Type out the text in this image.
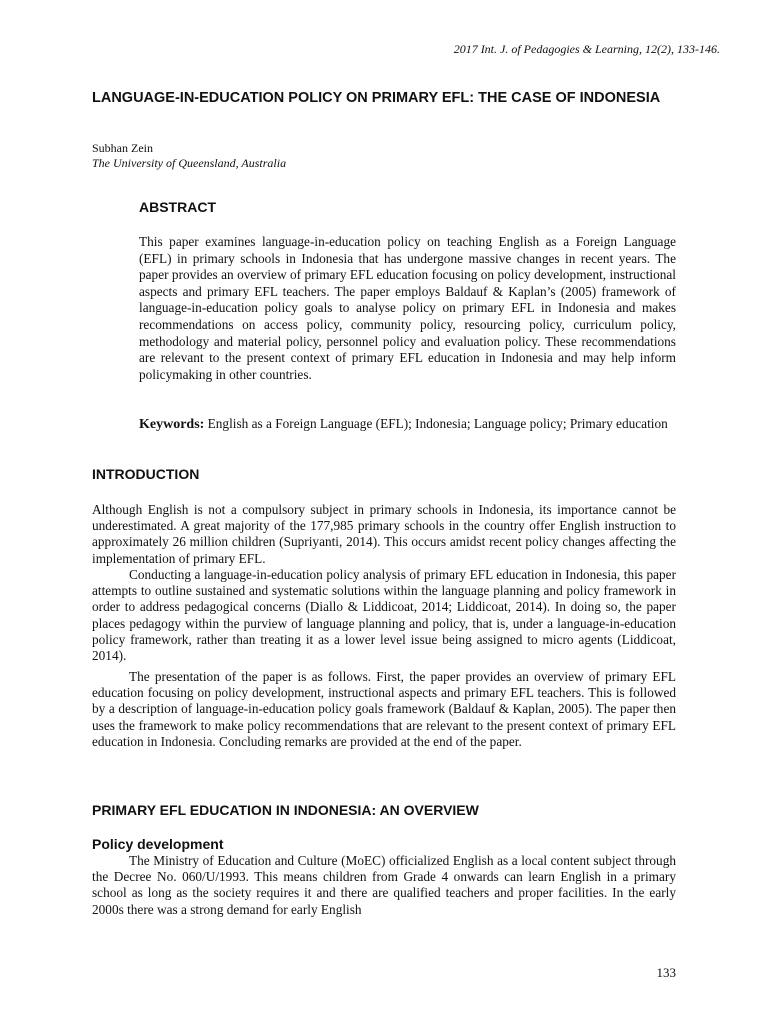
2017 Int. J. of Pedagogies & Learning, 12(2), 133-146.
LANGUAGE-IN-EDUCATION POLICY ON PRIMARY EFL: THE CASE OF INDONESIA
Subhan Zein
The University of Queensland, Australia
ABSTRACT

This paper examines language-in-education policy on teaching English as a Foreign Language (EFL) in primary schools in Indonesia that has undergone massive changes in recent years. The paper provides an overview of primary EFL education focusing on policy development, instructional aspects and primary EFL teachers. The paper employs Baldauf & Kaplan’s (2005) framework of language-in-education policy goals to analyse policy on primary EFL in Indonesia and makes recommendations on access policy, community policy, resourcing policy, curriculum policy, methodology and material policy, personnel policy and evaluation policy. These recommendations are relevant to the present context of primary EFL education in Indonesia and may help inform policymaking in other countries.

Keywords: English as a Foreign Language (EFL); Indonesia; Language policy; Primary education

INTRODUCTION

Although English is not a compulsory subject in primary schools in Indonesia, its importance cannot be underestimated. A great majority of the 177,985 primary schools in the country offer English instruction to approximately 26 million children (Supriyanti, 2014). This occurs amidst recent policy changes affecting the implementation of primary EFL.

Conducting a language-in-education policy analysis of primary EFL education in Indonesia, this paper attempts to outline sustained and systematic solutions within the language planning and policy framework in order to address pedagogical concerns (Diallo & Liddicoat, 2014; Liddicoat, 2014). In doing so, the paper places pedagogy within the purview of language planning and policy, that is, under a language-in-education policy framework, rather than treating it as a lower level issue being assigned to micro agents (Liddicoat, 2014).

The presentation of the paper is as follows. First, the paper provides an overview of primary EFL education focusing on policy development, instructional aspects and primary EFL teachers. This is followed by a description of language-in-education policy goals framework (Baldauf & Kaplan, 2005). The paper then uses the framework to make policy recommendations that are relevant to the present context of primary EFL education in Indonesia. Concluding remarks are provided at the end of the paper.

PRIMARY EFL EDUCATION IN INDONESIA: AN OVERVIEW
Policy development

The Ministry of Education and Culture (MoEC) officialized English as a local content subject through the Decree No. 060/U/1993. This means children from Grade 4 onwards can learn English in a primary school as long as the society requires it and there are qualified teachers and proper facilities. In the early 2000s there was a strong demand for early English

133
